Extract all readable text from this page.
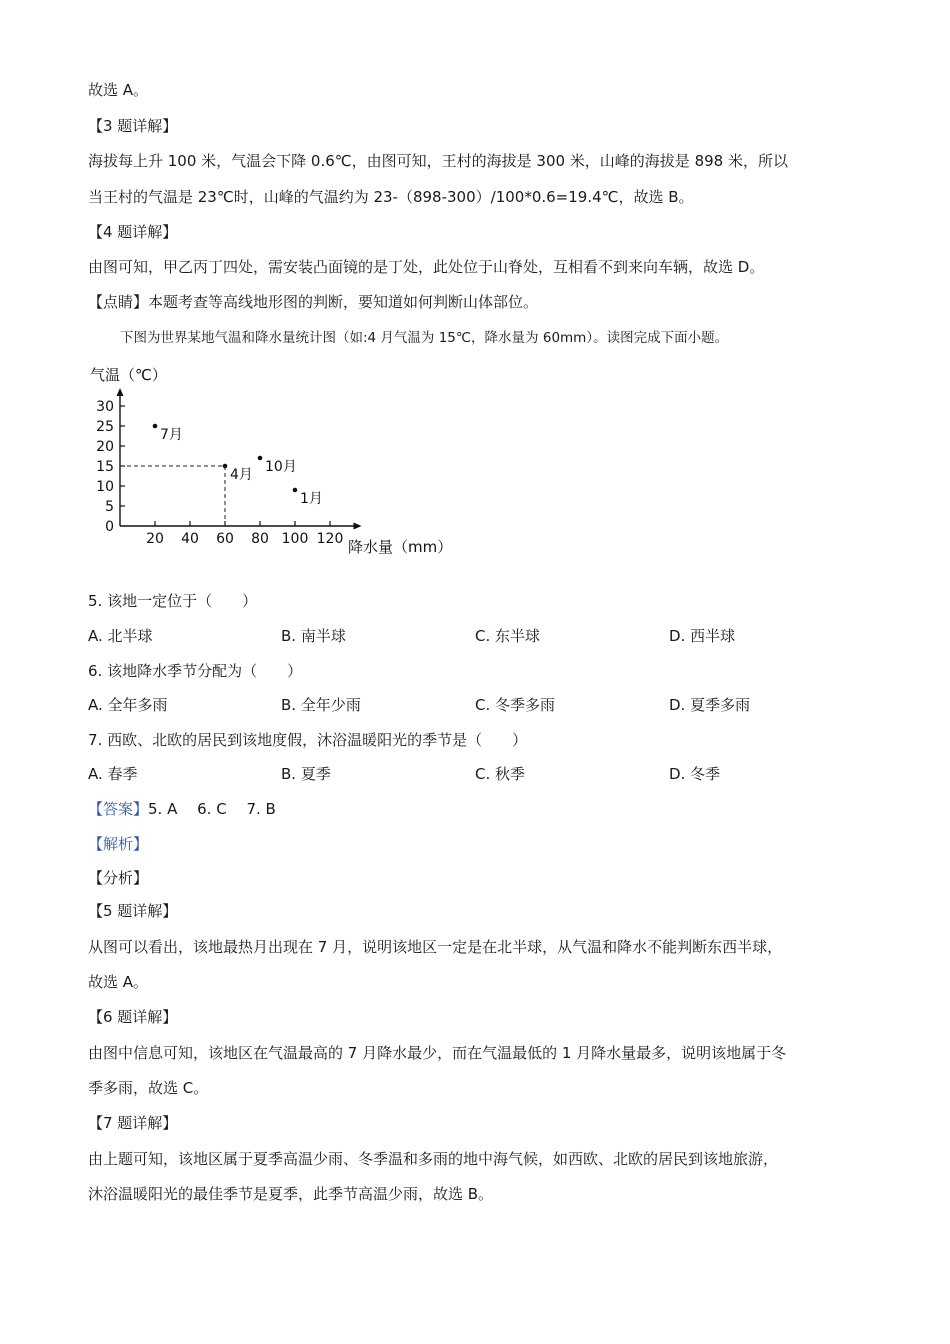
故选 A。
【3 题详解】
海拔每上升 100 米，气温会下降 0.6℃，由图可知，王村的海拔是 300 米，山峰的海拔是 898 米，所以
当王村的气温是 23℃时，山峰的气温约为 23-（898-300）/100*0.6=19.4℃，故选 B。
【4 题详解】
由图可知，甲乙丙丁四处，需安装凸面镜的是丁处，此处位于山脊处，互相看不到来向车辆，故选 D。
【点睛】本题考查等高线地形图的判断，要知道如何判断山体部位。
下图为世界某地气温和降水量统计图（如:4 月气温为 15℃，降水量为 60mm）。读图完成下面小题。
0
5
10
15
20
25
30
20 40 60 80 100 120
7月
4月 10月
1月
气温（℃）
降水量（mm）
5. 该地一定位于（　　）
A. 北半球	B. 南半球	C. 东半球	D. 西半球
6. 该地降水季节分配为（　　）
A. 全年多雨	B. 全年少雨	C. 冬季多雨	D. 夏季多雨
7. 西欧、北欧的居民到该地度假，沐浴温暖阳光的季节是（　　）
A. 春季	B. 夏季	C. 秋季	D. 冬季
【答案】5. A　 6. C　 7. B
【解析】
【分析】
【5 题详解】
从图可以看出，该地最热月出现在 7 月，说明该地区一定是在北半球，从气温和降水不能判断东西半球，
故选 A。
【6 题详解】
由图中信息可知，该地区在气温最高的 7 月降水最少，而在气温最低的 1 月降水量最多，说明该地属于冬
季多雨，故选 C。
【7 题详解】
由上题可知，该地区属于夏季高温少雨、冬季温和多雨的地中海气候，如西欧、北欧的居民到该地旅游，
沐浴温暖阳光的最佳季节是夏季，此季节高温少雨，故选 B。
